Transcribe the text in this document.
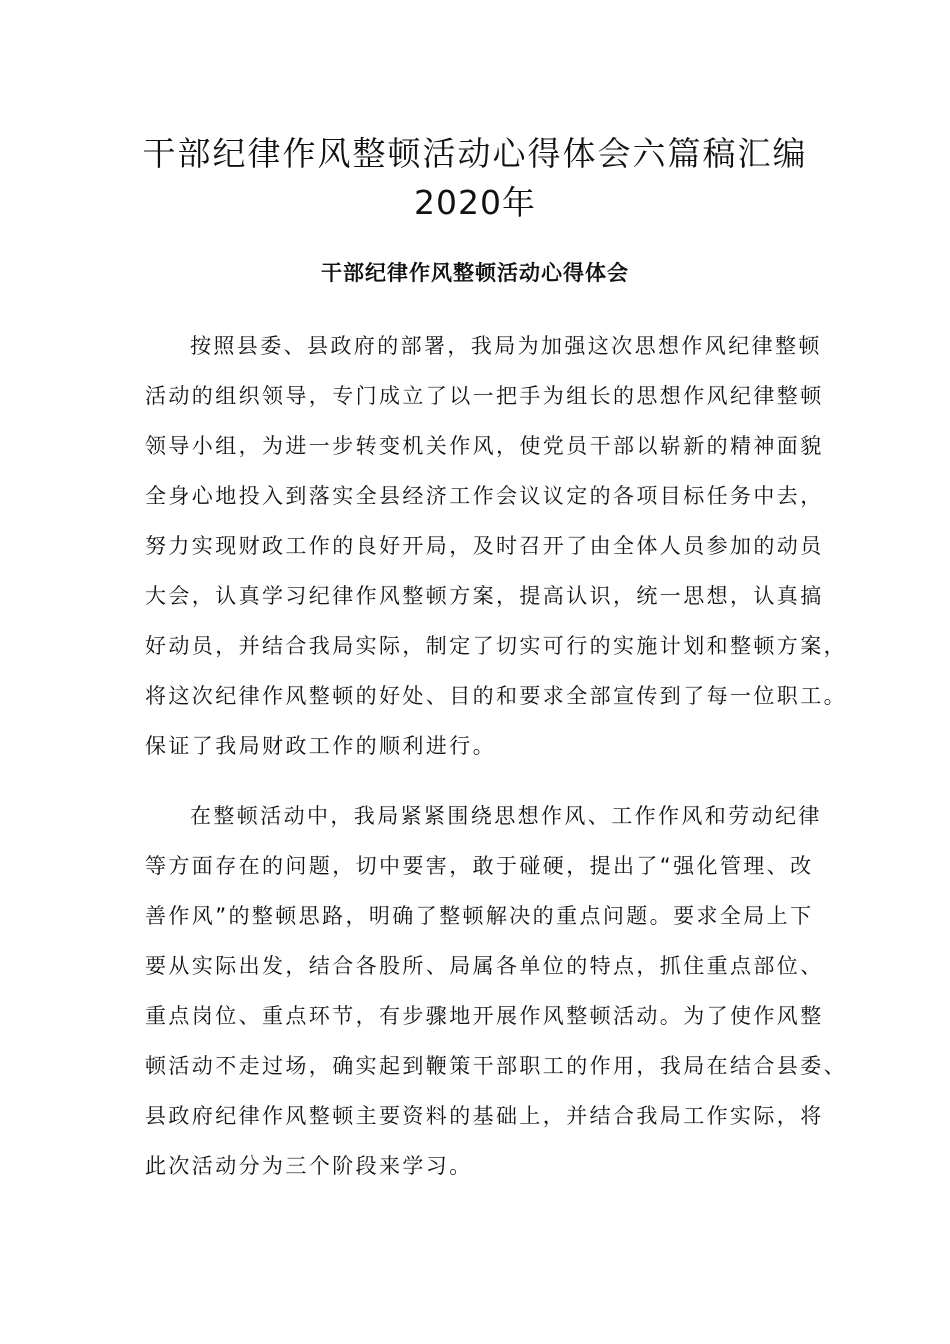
干部纪律作风整顿活动心得体会六篇稿汇编
2020年
干部纪律作风整顿活动心得体会

按照县委、县政府的部署，我局为加强这次思想作风纪律整顿

活动的组织领导，专门成立了以一把手为组长的思想作风纪律整顿

领导小组，为进一步转变机关作风，使党员干部以崭新的精神面貌

全身心地投入到落实全县经济工作会议议定的各项目标任务中去，

努力实现财政工作的良好开局，及时召开了由全体人员参加的动员

大会，认真学习纪律作风整顿方案，提高认识，统一思想，认真搞

好动员，并结合我局实际，制定了切实可行的实施计划和整顿方案，

将这次纪律作风整顿的好处、目的和要求全部宣传到了每一位职工。

保证了我局财政工作的顺利进行。

在整顿活动中，我局紧紧围绕思想作风、工作作风和劳动纪律

等方面存在的问题，切中要害，敢于碰硬，提出了“强化管理、改

善作风”的整顿思路，明确了整顿解决的重点问题。要求全局上下

要从实际出发，结合各股所、局属各单位的特点，抓住重点部位、

重点岗位、重点环节，有步骤地开展作风整顿活动。为了使作风整

顿活动不走过场，确实起到鞭策干部职工的作用，我局在结合县委、

县政府纪律作风整顿主要资料的基础上，并结合我局工作实际，将

此次活动分为三个阶段来学习。
